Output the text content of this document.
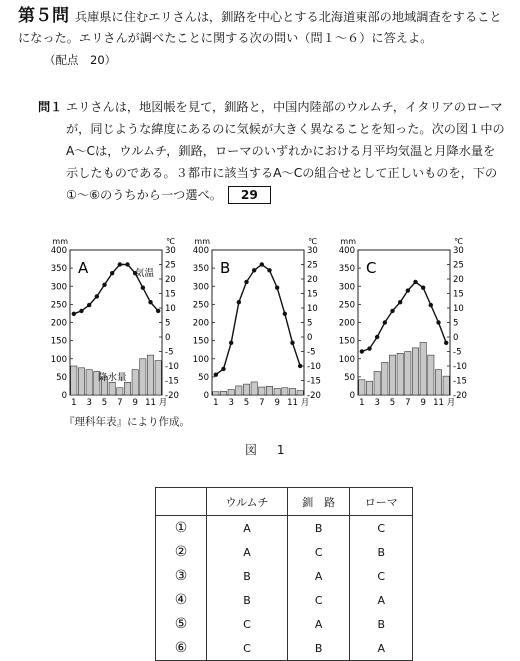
第５問 兵庫県に住むエリさんは，釧路を中心とする北海道東部の地域調査をすることになった。エリさんが調べたことに関する次の問い（問１〜６）に答えよ。
（配点　20）
問１ エリさんは，地図帳を見て，釧路と，中国内陸部のウルムチ，イタリアのローマが，同じような緯度にあるのに気候が大きく異なることを知った。次の図１中のA〜Cは，ウルムチ，釧路，ローマのいずれかにおける月平均気温と月降水量を示したものである。３都市に該当するA〜Cの組合せとして正しいものを，下の①〜⑥のうちから一つ選べ。 29
400
350
300
250
200
150
100
50
0
30
25
20
15
10
5
0
-5
-10
-15
-20
mm	℃
1 3 5 7 9 11 月
A	気温
降水量
400
350
300
250
200
150
100
50
0
30
25
20
15
10
5
0
-5
-10
-15
-20
mm	℃
1 3 5 7 9 11 月
B
400
350
300
250
200
150
100
50
0
30
25
20
15
10
5
0
-5
-10
-15
-20
mm	℃
1 3 5 7 9 11 月
C
『理科年表』により作成。
図 1
	ウルムチ	釧　路	ローマ
①	A	B	C
②	A	C	B
③	B	A	C
④	B	C	A
⑤	C	A	B
⑥	C	B	A
